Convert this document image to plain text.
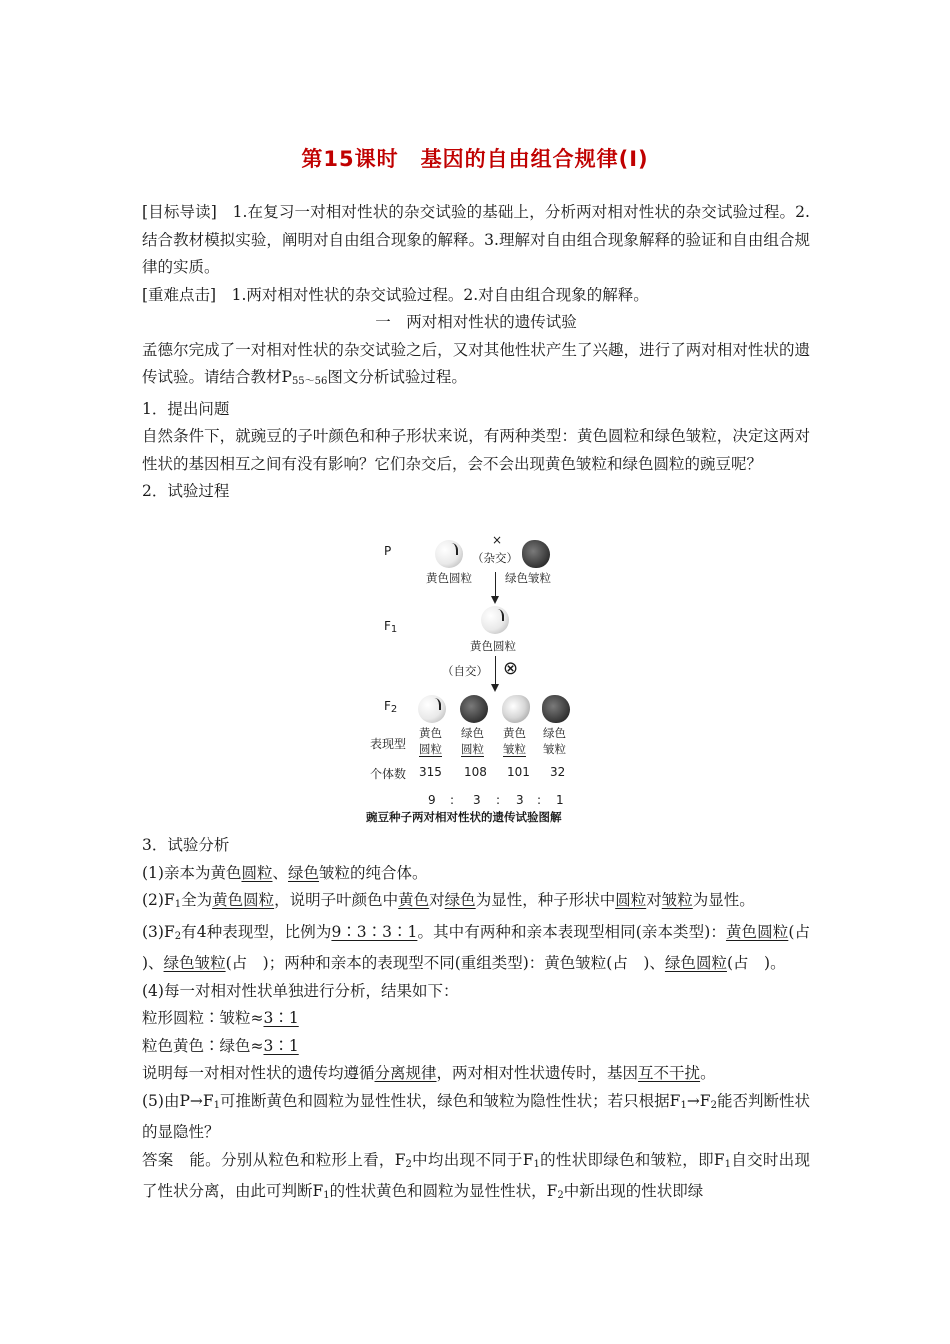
第15课时　基因的自由组合规律(Ⅰ)

[目标导读]　1.在复习一对相对性状的杂交试验的基础上，分析两对相对性状的杂交试验过程。2.结合教材模拟实验，阐明对自由组合现象的解释。3.理解对自由组合现象解释的验证和自由组合规律的实质。

[重难点击]　1.两对相对性状的杂交试验过程。2.对自由组合现象的解释。

一　两对相对性状的遗传试验

孟德尔完成了一对相对性状的杂交试验之后，又对其他性状产生了兴趣，进行了两对相对性状的遗传试验。请结合教材$P_{55\sim 56}$图文分析试验过程。

1．提出问题

自然条件下，就豌豆的子叶颜色和种子形状来说，有两种类型：黄色圆粒和绿色皱粒，决定这两对性状的基因相互之间有没有影响？它们杂交后，会不会出现黄色皱粒和绿色圆粒的豌豆呢？

2．试验过程

P
×
（杂交）
黄色圆粒	绿色皱粒
$F_1$
黄色圆粒
（自交） ⊗
$F_2$
表现型
黄色
圆粒
绿色
圆粒
黄色
皱粒
绿色
皱粒
个体数 315 108 101 32
9 : 3 : 3 : 1
豌豆种子两对相对性状的遗传试验图解

3．试验分析

(1)亲本为黄色圆粒、绿色皱粒的纯合体。

$(2)F_1$全为黄色圆粒，说明子叶颜色中黄色对绿色为显性，种子形状中圆粒对皱粒为显性。

$(3)F_2$有4种表现型，比例为9∶3∶3∶1。其中有两种和亲本表现型相同(亲本类型)：黄色圆粒(占　)、绿色皱粒(占　 )；两种和亲本的表现型不同(重组类型)：黄色皱粒(占　 )、绿色圆粒(占　 )。

(4)每一对相对性状单独进行分析，结果如下：

粒形圆粒∶皱粒≈3∶1

粒色黄色∶绿色≈3∶1

说明每一对相对性状的遗传均遵循分离规律，两对相对性状遗传时，基因互不干扰。

(5)由$P\to F_1$可推断黄色和圆粒为显性性状，绿色和皱粒为隐性性状；若只根据$F_1\to F_2$能否判断性状的显隐性？

答案　能。分别从粒色和粒形上看，$F_2$中均出现不同于$F_1$的性状即绿色和皱粒，即$F_1$自交时出现了性状分离，由此可判断$F_1$的性状黄色和圆粒为显性性状，$F_2$中新出现的性状即绿
